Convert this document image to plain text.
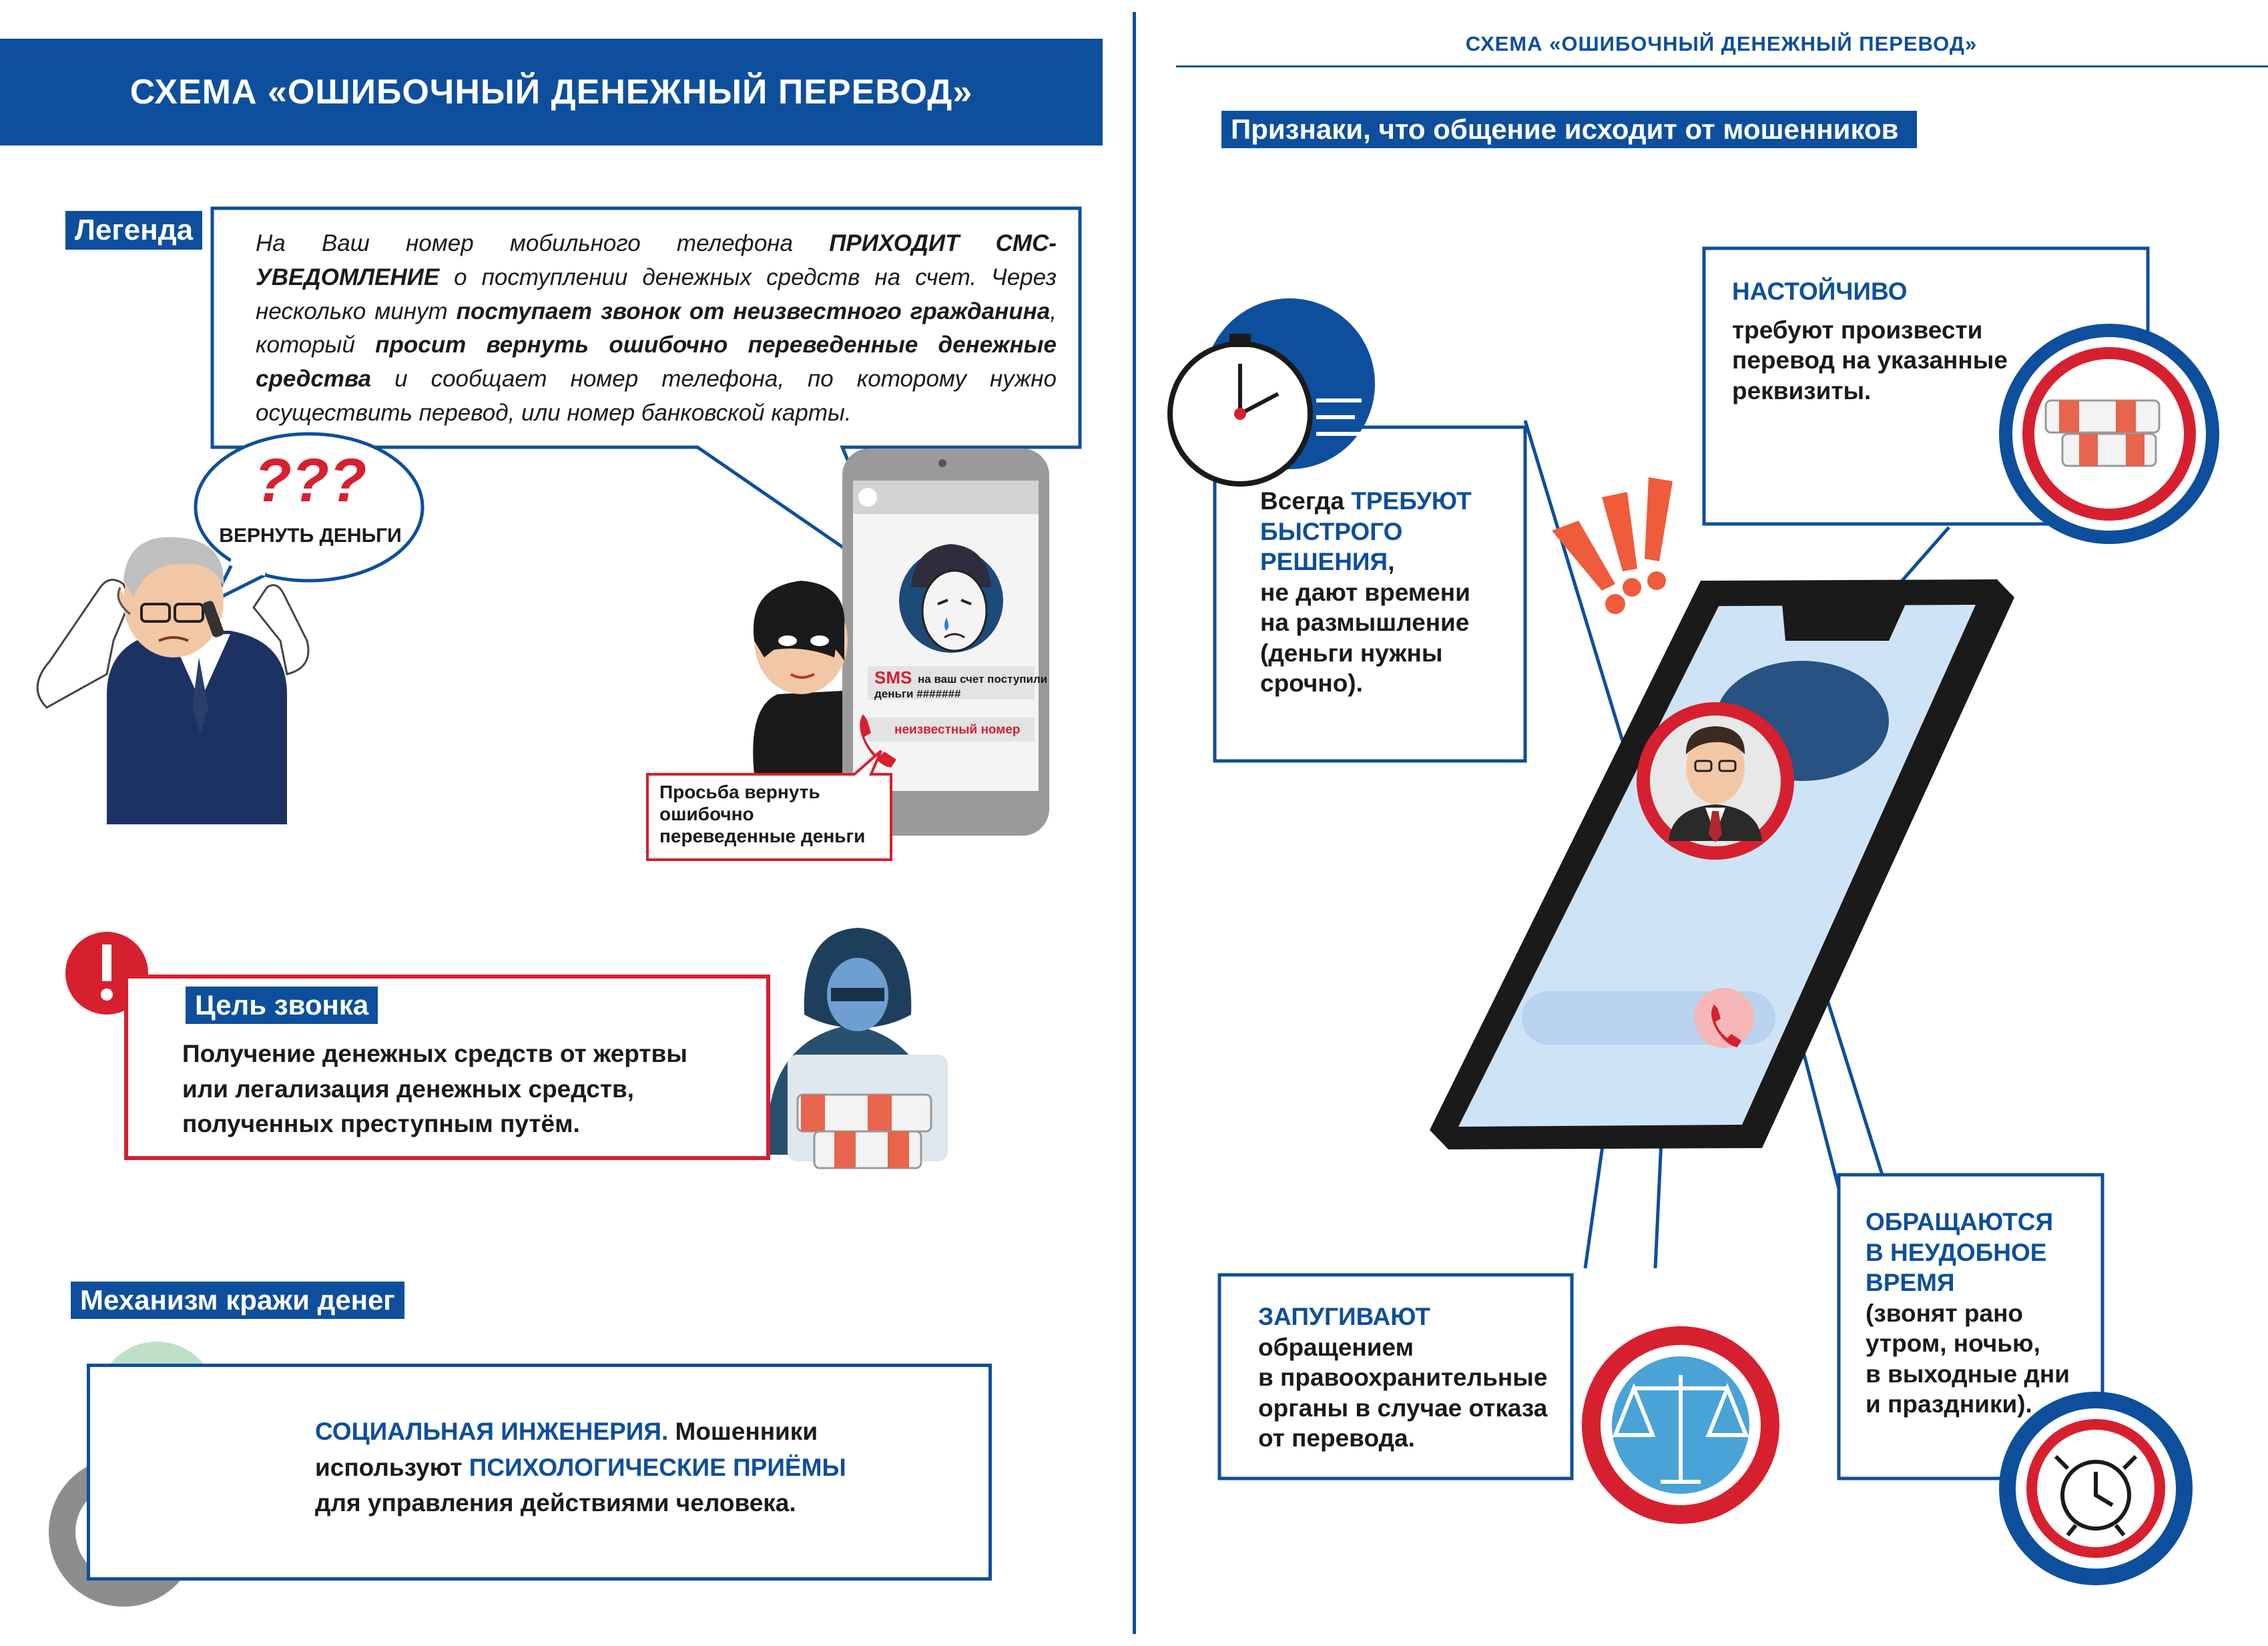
СХЕМА «ОШИБОЧНЫЙ ДЕНЕЖНЫЙ ПЕРЕВОД»
Легенда	На Ваш номер мобильного телефона ПРИХОДИТ СМС-УВЕДОМЛЕНИЕ о поступлении денежных средств на счет. Через несколько минут поступает звонок от неизвестного гражданина, который просит вернуть ошибочно переведенные денежные средства и сообщает номер телефона, по которому нужно осуществить перевод, или номер банковской карты.
???
ВЕРНУТЬ ДЕНЬГИ
SMS на ваш счет поступили
деньги #######
неизвестный номер
Просьба вернуть
ошибочно
переведенные деньги
Цель звонка
Получение денежных средств от жертвы
или легализация денежных средств,
полученных преступным путём.
Механизм кражи денег
СОЦИАЛЬНАЯ ИНЖЕНЕРИЯ. Мошенники
используют ПСИХОЛОГИЧЕСКИЕ ПРИЁМЫ
для управления действиями человека.
СХЕМА «ОШИБОЧНЫЙ ДЕНЕЖНЫЙ ПЕРЕВОД»
Признаки, что общение исходит от мошенников
Всегда ТРЕБУЮТ
БЫСТРОГО
РЕШЕНИЯ,
не дают времени
на размышление
(деньги нужны
срочно).
НАСТОЙЧИВО
требуют произвести
перевод на указанные
реквизиты.
ЗАПУГИВАЮТ
обращением
в правоохранительные
органы в случае отказа
от перевода.
ОБРАЩАЮТСЯ
В НЕУДОБНОЕ
ВРЕМЯ
(звонят рано
утром, ночью,
в выходные дни
и праздники).
